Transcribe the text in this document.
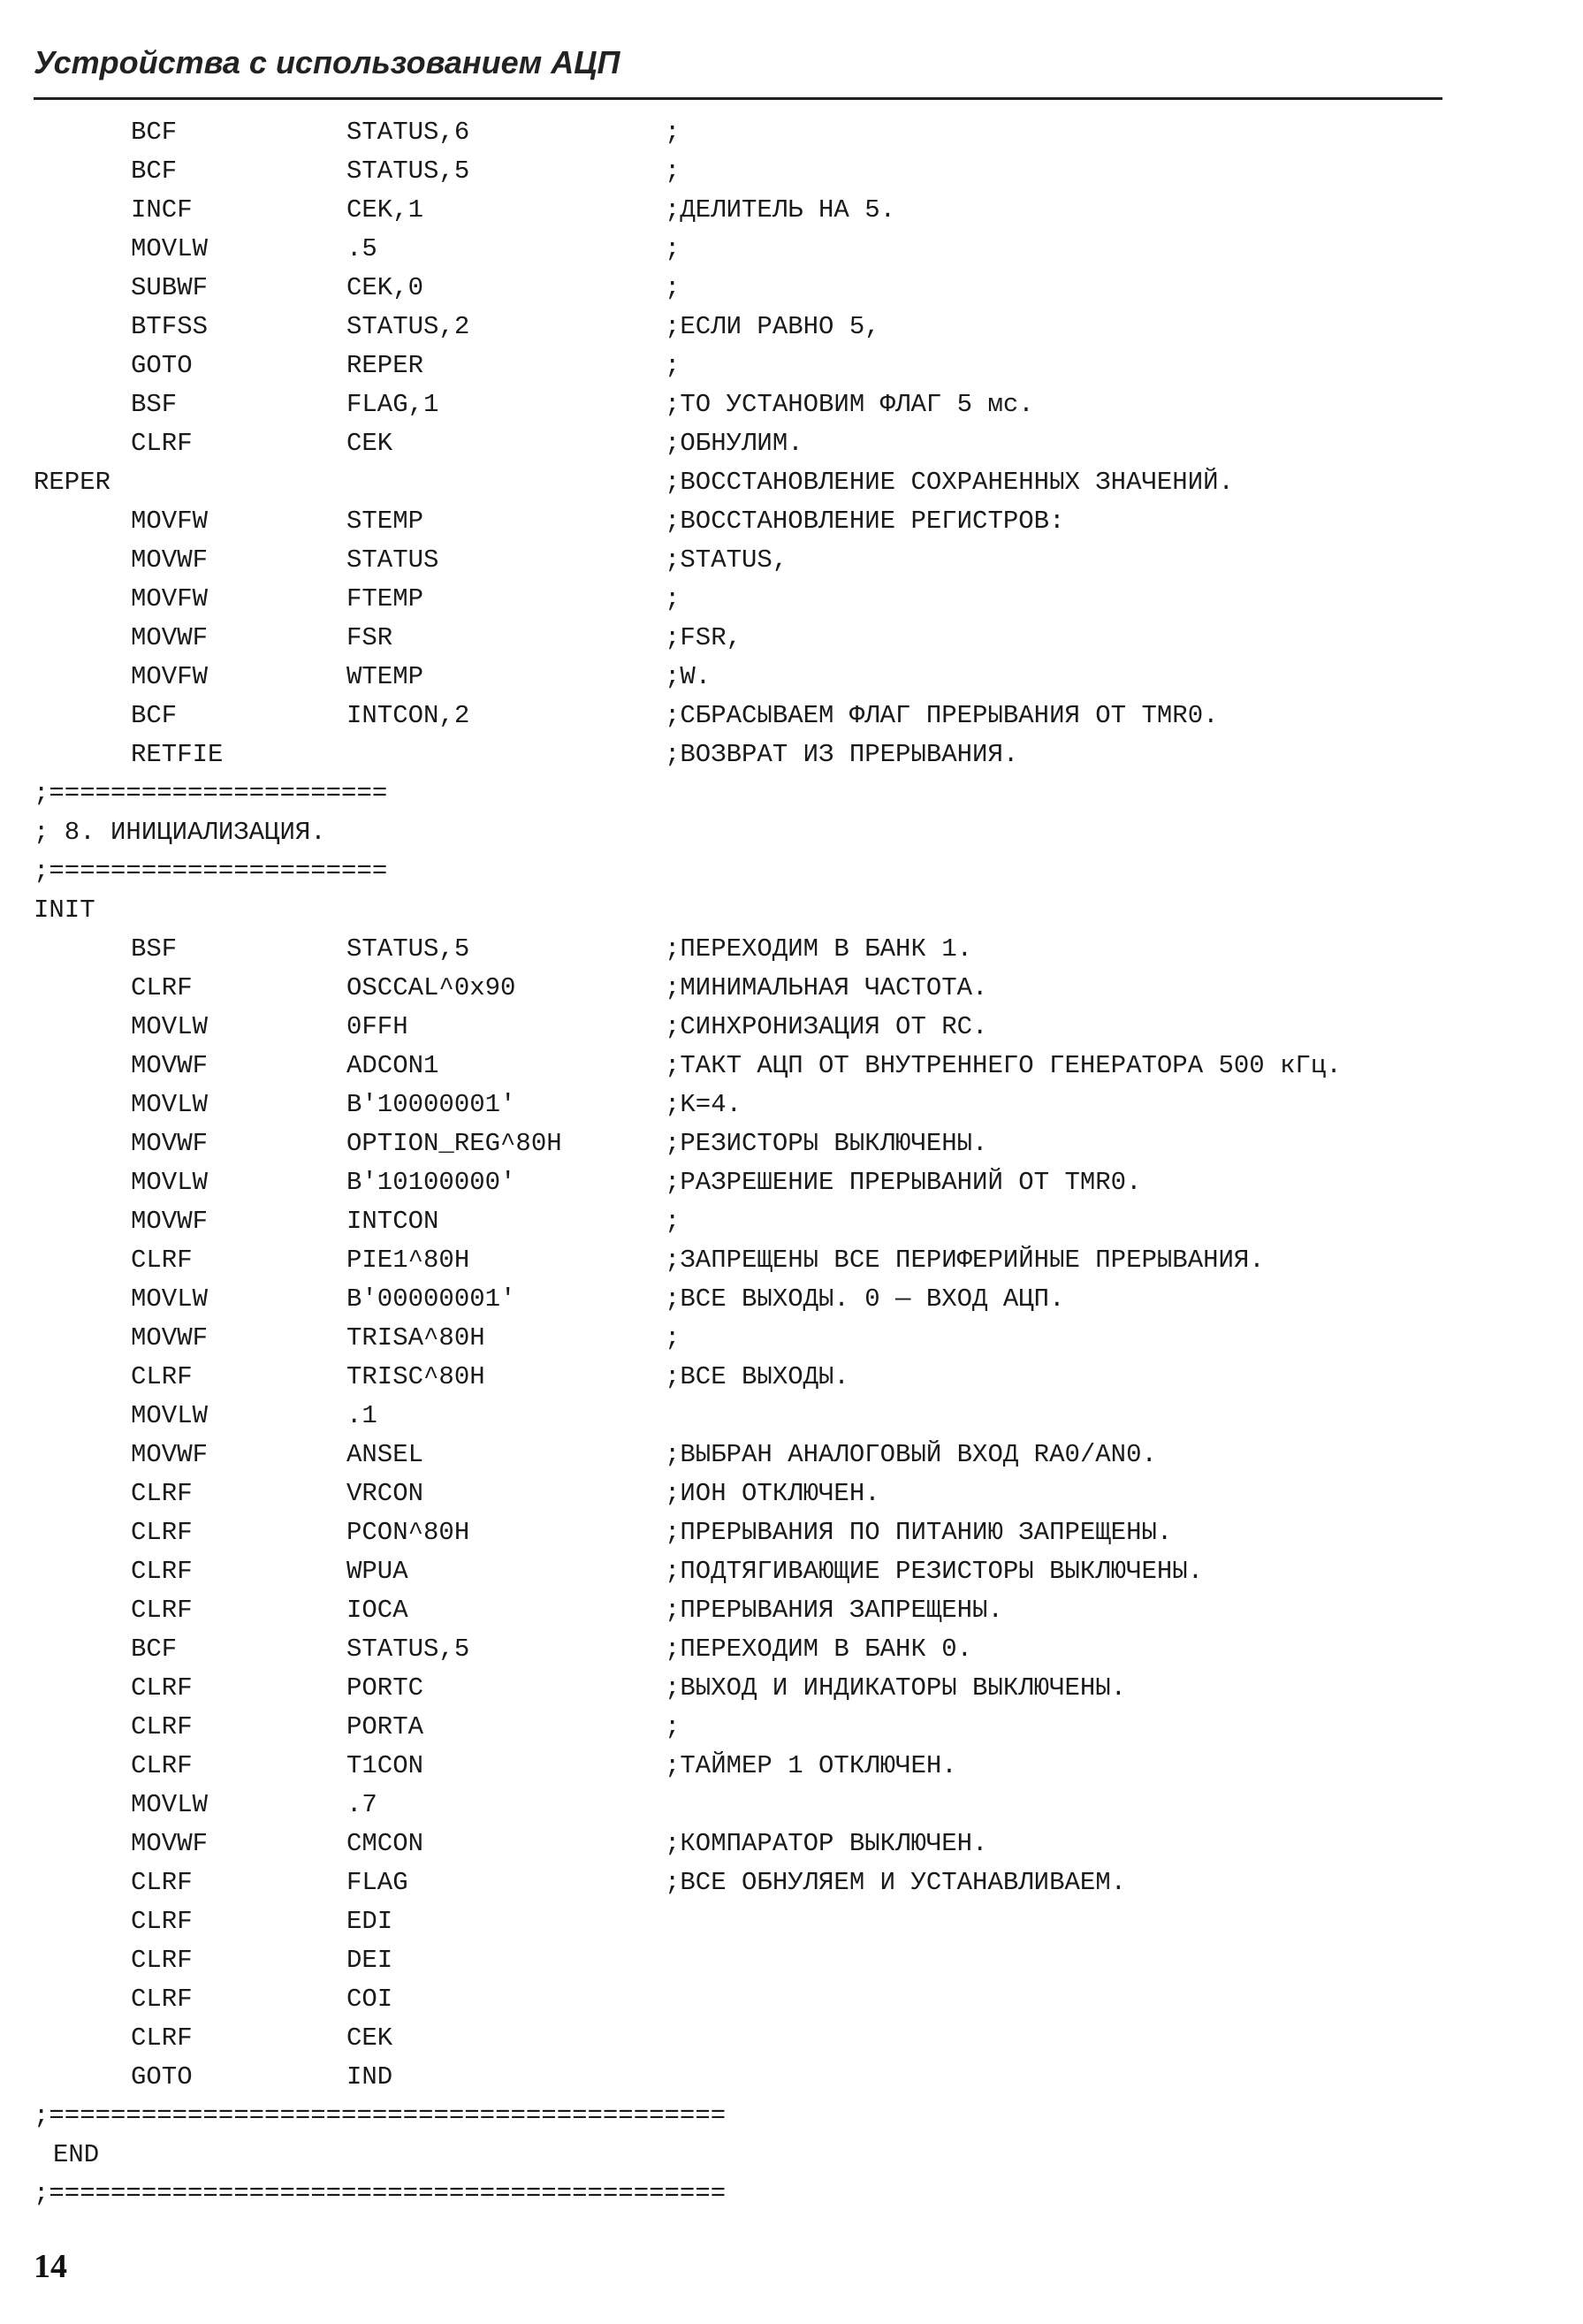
Устройства с использованием АЦП
BCF	STATUS,6	;
BCF	STATUS,5	;
INCF	CEK,1	;ДЕЛИТЕЛЬ НА 5.
MOVLW	.5	;
SUBWF	CEK,0	;
BTFSS	STATUS,2	;ЕСЛИ РАВНО 5,
GOTO	REPER	;
BSF	FLAG,1	;ТО УСТАНОВИМ ФЛАГ 5 мс.
CLRF	CEK	;ОБНУЛИМ.
REPER	;ВОССТАНОВЛЕНИЕ СОХРАНЕННЫХ ЗНАЧЕНИЙ.
MOVFW	STEMP	;ВОССТАНОВЛЕНИЕ РЕГИСТРОВ:
MOVWF	STATUS	;STATUS,
MOVFW	FTEMP	;
MOVWF	FSR	;FSR,
MOVFW	WTEMP	;W.
BCF	INTCON,2	;СБРАСЫВАЕМ ФЛАГ ПРЕРЫВАНИЯ ОТ TMR0.
RETFIE	;ВОЗВРАТ ИЗ ПРЕРЫВАНИЯ.
;======================
; 8. ИНИЦИАЛИЗАЦИЯ.
;======================
INIT
BSF	STATUS,5	;ПЕРЕХОДИМ В БАНК 1.
CLRF	OSCCAL^0x90	;МИНИМАЛЬНАЯ ЧАСТОТА.
MOVLW	0FFH	;СИНХРОНИЗАЦИЯ ОТ RC.
MOVWF	ADCON1	;ТАКТ АЦП ОТ ВНУТРЕННЕГО ГЕНЕРАТОРА 500 кГц.
MOVLW	B'10000001'	;K=4.
MOVWF	OPTION_REG^80H	;РЕЗИСТОРЫ ВЫКЛЮЧЕНЫ.
MOVLW	B'10100000'	;РАЗРЕШЕНИЕ ПРЕРЫВАНИЙ ОТ TMR0.
MOVWF	INTCON	;
CLRF	PIE1^80H	;ЗАПРЕЩЕНЫ ВСЕ ПЕРИФЕРИЙНЫЕ ПРЕРЫВАНИЯ.
MOVLW	B'00000001'	;ВСЕ ВЫХОДЫ. 0 — ВХОД АЦП.
MOVWF	TRISA^80H	;
CLRF	TRISC^80H	;ВСЕ ВЫХОДЫ.
MOVLW	.1
MOVWF	ANSEL	;ВЫБРАН АНАЛОГОВЫЙ ВХОД RA0/AN0.
CLRF	VRCON	;ИОН ОТКЛЮЧЕН.
CLRF	PCON^80H	;ПРЕРЫВАНИЯ ПО ПИТАНИЮ ЗАПРЕЩЕНЫ.
CLRF	WPUA	;ПОДТЯГИВАЮЩИЕ РЕЗИСТОРЫ ВЫКЛЮЧЕНЫ.
CLRF	IOCA	;ПРЕРЫВАНИЯ ЗАПРЕЩЕНЫ.
BCF	STATUS,5	;ПЕРЕХОДИМ В БАНК 0.
CLRF	PORTC	;ВЫХОД И ИНДИКАТОРЫ ВЫКЛЮЧЕНЫ.
CLRF	PORTA	;
CLRF	T1CON	;ТАЙМЕР 1 ОТКЛЮЧЕН.
MOVLW	.7
MOVWF	CMCON	;КОМПАРАТОР ВЫКЛЮЧЕН.
CLRF	FLAG	;ВСЕ ОБНУЛЯЕМ И УСТАНАВЛИВАЕМ.
CLRF	EDI
CLRF	DEI
CLRF	COI
CLRF	CEK
GOTO	IND
;============================================
END
;============================================
14
